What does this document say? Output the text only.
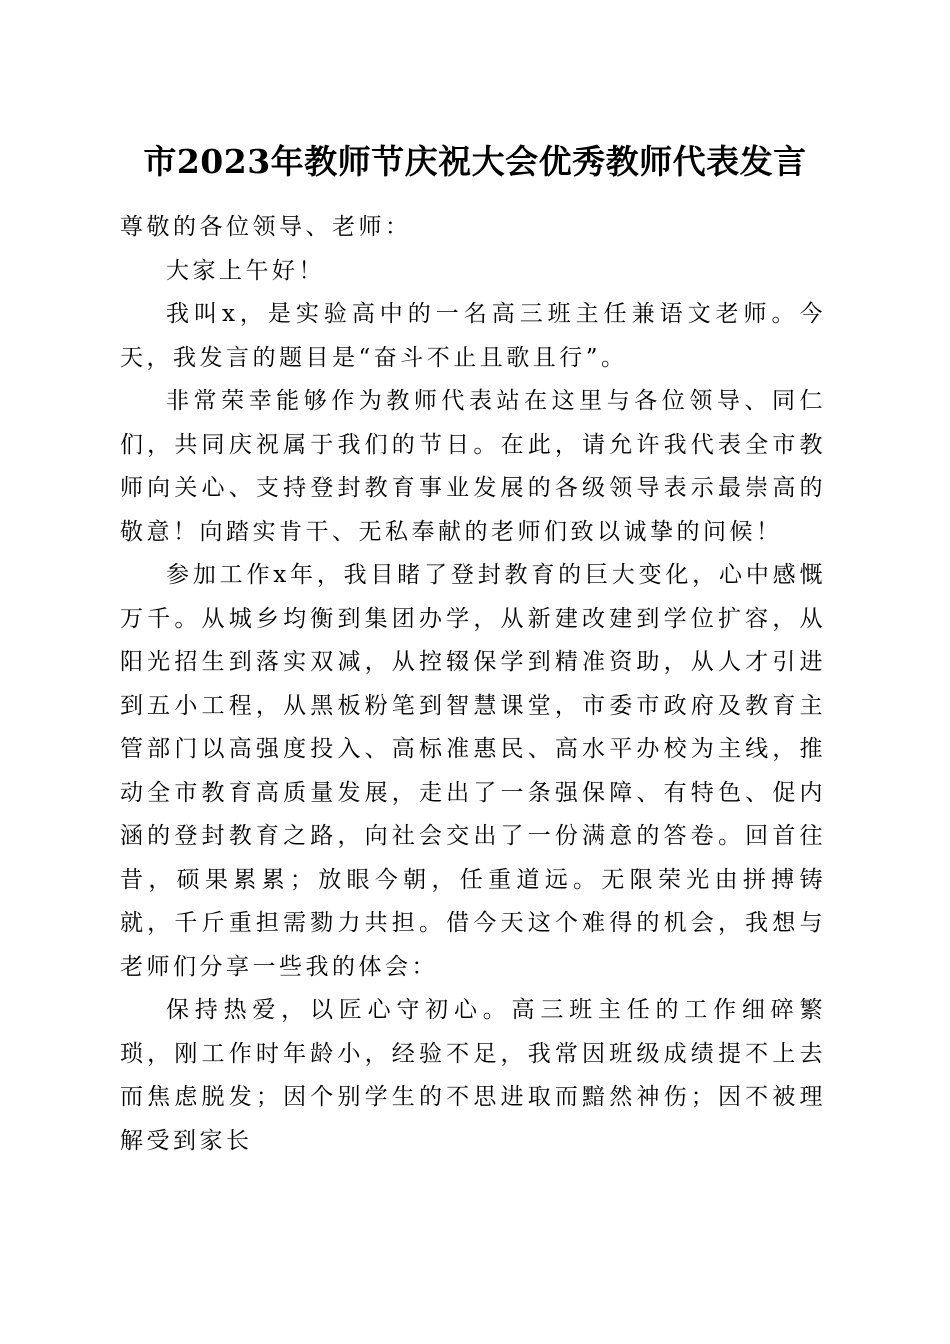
市2023年教师节庆祝大会优秀教师代表发言

尊敬的各位领导、老师：

大家上午好！

我叫x，是实验高中的一名高三班主任兼语文老师。今天，我发言的题目是“奋斗不止且歌且行”。

非常荣幸能够作为教师代表站在这里与各位领导、同仁们，共同庆祝属于我们的节日。在此，请允许我代表全市教师向关心、支持登封教育事业发展的各级领导表示最崇高的敬意！向踏实肯干、无私奉献的老师们致以诚挚的问候！

参加工作x年，我目睹了登封教育的巨大变化，心中感慨万千。从城乡均衡到集团办学，从新建改建到学位扩容，从阳光招生到落实双减，从控辍保学到精准资助，从人才引进到五小工程，从黑板粉笔到智慧课堂，市委市政府及教育主管部门以高强度投入、高标准惠民、高水平办校为主线，推动全市教育高质量发展，走出了一条强保障、有特色、促内涵的登封教育之路，向社会交出了一份满意的答卷。回首往昔，硕果累累；放眼今朝，任重道远。无限荣光由拼搏铸就，千斤重担需勠力共担。借今天这个难得的机会，我想与老师们分享一些我的体会：

保持热爱，以匠心守初心。高三班主任的工作细碎繁琐，刚工作时年龄小，经验不足，我常因班级成绩提不上去而焦虑脱发；因个别学生的不思进取而黯然神伤；因不被理解受到家长
